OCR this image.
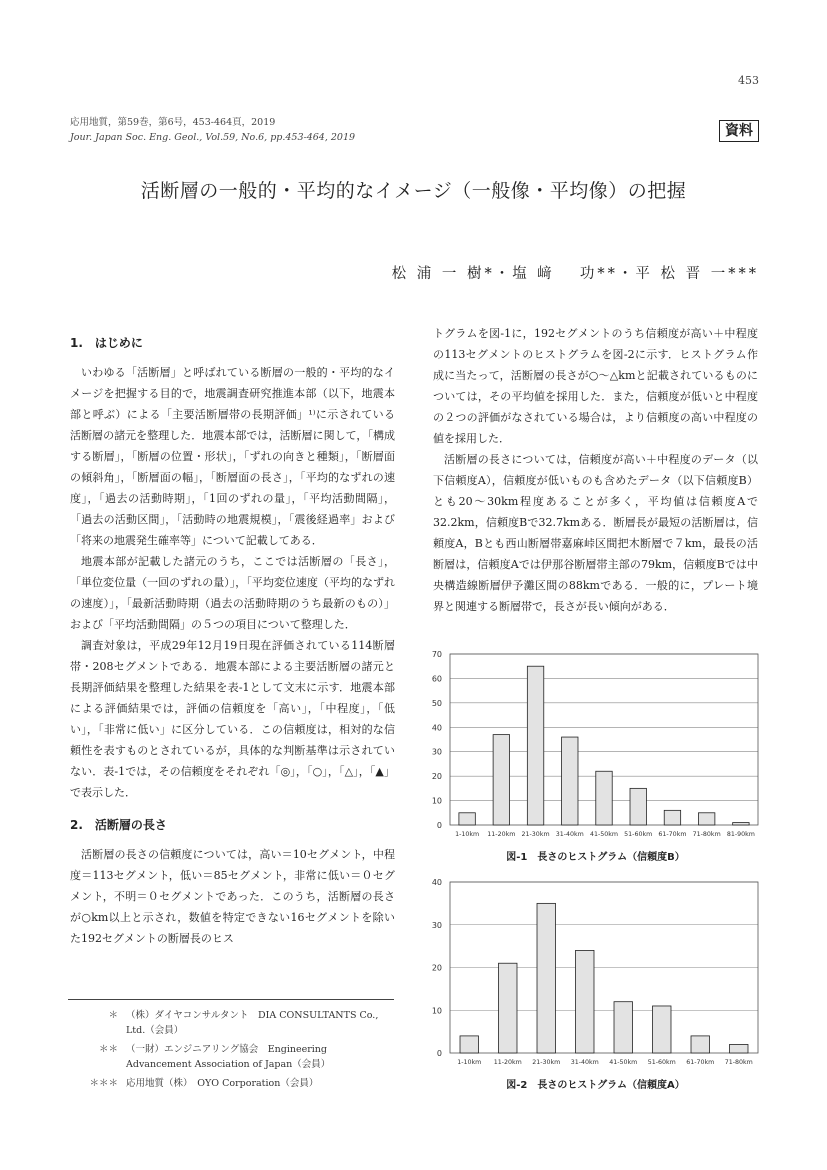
453
応用地質，第59巻，第6号，453-464頁，2019
Jour. Japan Soc. Eng. Geol., Vol.59, No.6, pp.453-464, 2019	資料
活断層の一般的・平均的なイメージ（一般像・平均像）の把握
松 浦 一 樹*・塩 﨑 　功**・平 松 晋 一***
1.　はじめに

いわゆる「活断層」と呼ばれている断層の一般的・平均的なイメージを把握する目的で，地震調査研究推進本部（以下，地震本部と呼ぶ）による「主要活断層帯の長期評価」¹⁾に示されている活断層の諸元を整理した．地震本部では，活断層に関して，「構成する断層」，「断層の位置・形状」，「ずれの向きと種類」，「断層面の傾斜角」，「断層面の幅」，「断層面の長さ」，「平均的なずれの速度」，「過去の活動時期」，「1回のずれの量」，「平均活動間隔」，「過去の活動区間」，「活動時の地震規模」，「震後経過率」および「将来の地震発生確率等」について記載してある．

地震本部が記載した諸元のうち，ここでは活断層の「長さ」，「単位変位量（一回のずれの量）」，「平均変位速度（平均的なずれの速度）」，「最新活動時期（過去の活動時期のうち最新のもの）」および「平均活動間隔」の５つの項目について整理した．

調査対象は，平成29年12月19日現在評価されている114断層帯・208セグメントである．地震本部による主要活断層の諸元と長期評価結果を整理した結果を表-1として文末に示す．地震本部による評価結果では，評価の信頼度を「高い」，「中程度」，「低い」，「非常に低い」に区分している．この信頼度は，相対的な信頼性を表すものとされているが，具体的な判断基準は示されていない．表-1では，その信頼度をそれぞれ「◎」，「○」，「△」，「▲」で表示した．

2.　活断層の長さ

活断層の長さの信頼度については，高い＝10セグメント，中程度＝113セグメント，低い＝85セグメント，非常に低い＝０セグメント，不明＝０セグメントであった．このうち，活断層の長さが○km以上と示され，数値を特定できない16セグメントを除いた192セグメントの断層長のヒス

＊ （株）ダイヤコンサルタント　DIA CONSULTANTS Co., Ltd.（会員）
＊＊ （一財）エンジニアリング協会　Engineering Advancement Association of Japan（会員）
＊＊＊ 応用地質（株）　OYO Corporation（会員）

トグラムを図-1に，192セグメントのうち信頼度が高い＋中程度の113セグメントのヒストグラムを図-2に示す．ヒストグラム作成に当たって，活断層の長さが○～△kmと記載されているものについては，その平均値を採用した．また，信頼度が低いと中程度の２つの評価がなされている場合は，より信頼度の高い中程度の値を採用した．

活断層の長さについては，信頼度が高い＋中程度のデータ（以下信頼度A），信頼度が低いものも含めたデータ（以下信頼度B）とも20～30km程度あることが多く，平均値は信頼度Aで32.2km，信頼度Bで32.7kmある．断層長が最短の活断層は，信頼度A，Bとも西山断層帯嘉麻峠区間把木断層で７km，最長の活断層は，信頼度Aでは伊那谷断層帯主部の79km，信頼度Bでは中央構造線断層伊予灘区間の88kmである．一般的に，プレート境界と関連する断層帯で，長さが長い傾向がある．

0
10
20
30
40
50
60
70
1-10km 11-20km 21-30km 31-40km 41-50km 51-60km 61-70km 71-80km 81-90km
図-1　長さのヒストグラム（信頼度B）
0
10
20
30
40
1-10km 11-20km 21-30km 31-40km 41-50km 51-60km 61-70km 71-80km
図-2　長さのヒストグラム（信頼度A）
